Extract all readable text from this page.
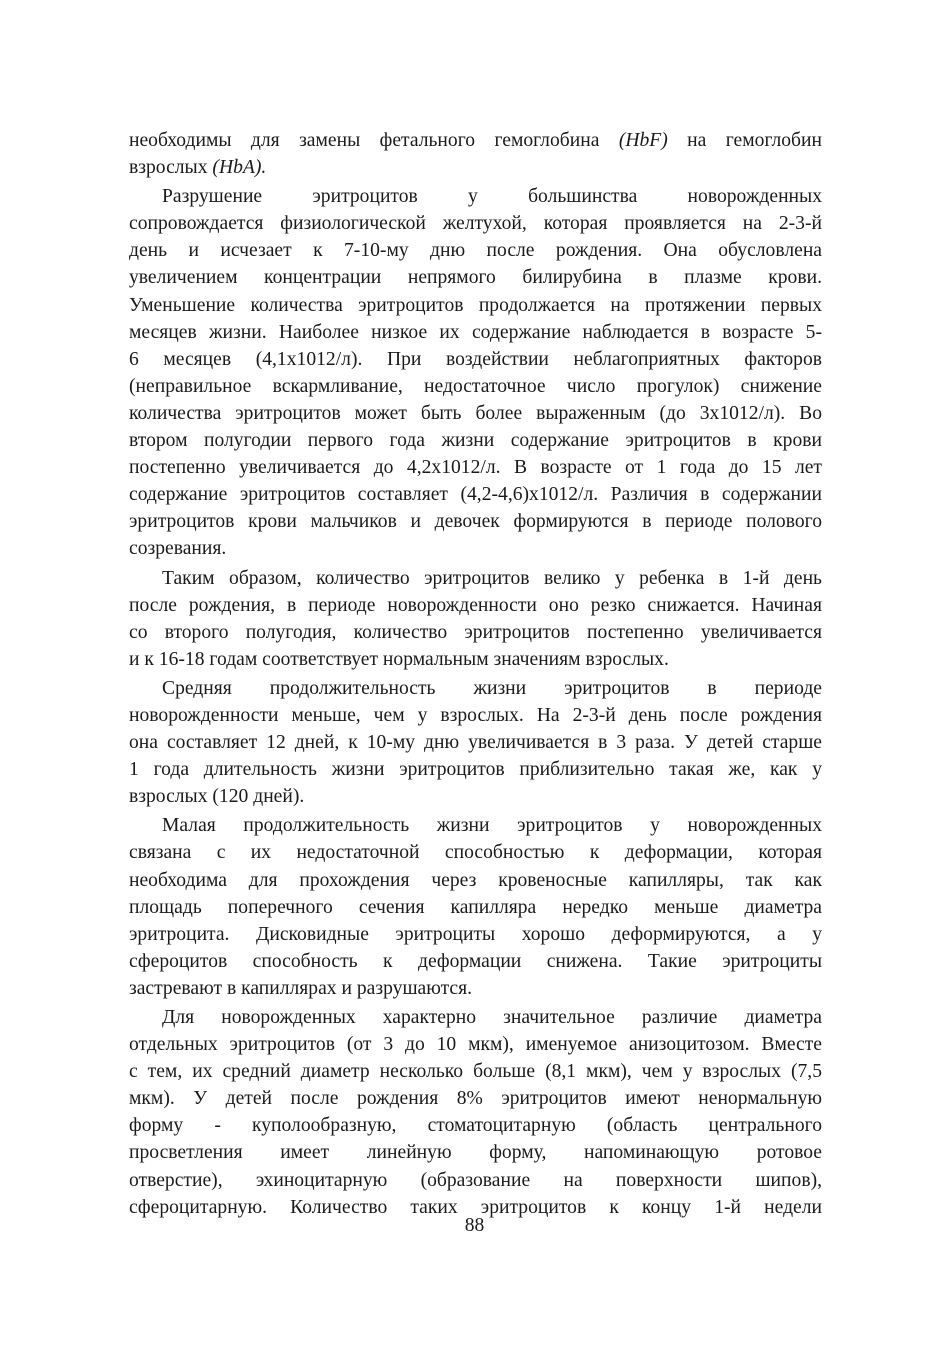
необходимы для замены фетального гемоглобина (HbF) на гемоглобин
взрослых (HbA).
Разрушение эритроцитов у большинства новорожденных
сопровождается физиологической желтухой, которая проявляется на 2-3-й
день и исчезает к 7-10-му дню после рождения. Она обусловлена
увеличением концентрации непрямого билирубина в плазме крови.
Уменьшение количества эритроцитов продолжается на протяжении первых
месяцев жизни. Наиболее низкое их содержание наблюдается в возрасте 5-
6 месяцев (4,1х1012/л). При воздействии неблагоприятных факторов
(неправильное вскармливание, недостаточное число прогулок) снижение
количества эритроцитов может быть более выраженным (до 3х1012/л). Во
втором полугодии первого года жизни содержание эритроцитов в крови
постепенно увеличивается до 4,2х1012/л. В возрасте от 1 года до 15 лет
содержание эритроцитов составляет (4,2-4,6)х1012/л. Различия в содержании
эритроцитов крови мальчиков и девочек формируются в периоде полового
созревания.
Таким образом, количество эритроцитов велико у ребенка в 1-й день
после рождения, в периоде новорожденности оно резко снижается. Начиная
со второго полугодия, количество эритроцитов постепенно увеличивается
и к 16-18 годам соответствует нормальным значениям взрослых.
Средняя продолжительность жизни эритроцитов в периоде
новорожденности меньше, чем у взрослых. На 2-3-й день после рождения
она составляет 12 дней, к 10-му дню увеличивается в 3 раза. У детей старше
1 года длительность жизни эритроцитов приблизительно такая же, как у
взрослых (120 дней).
Малая продолжительность жизни эритроцитов у новорожденных
связана с их недостаточной способностью к деформации, которая
необходима для прохождения через кровеносные капилляры, так как
площадь поперечного сечения капилляра нередко меньше диаметра
эритроцита. Дисковидные эритроциты хорошо деформируются, а у
сфероцитов способность к деформации снижена. Такие эритроциты
застревают в капиллярах и разрушаются.
Для новорожденных характерно значительное различие диаметра
отдельных эритроцитов (от 3 до 10 мкм), именуемое анизоцитозом. Вместе
с тем, их средний диаметр несколько больше (8,1 мкм), чем у взрослых (7,5
мкм). У детей после рождения 8% эритроцитов имеют ненормальную
форму - куполообразную, стоматоцитарную (область центрального
просветления имеет линейную форму, напоминающую ротовое
отверстие), эхиноцитарную (образование на поверхности шипов),
сфероцитарную. Количество таких эритроцитов к концу 1-й недели
88
